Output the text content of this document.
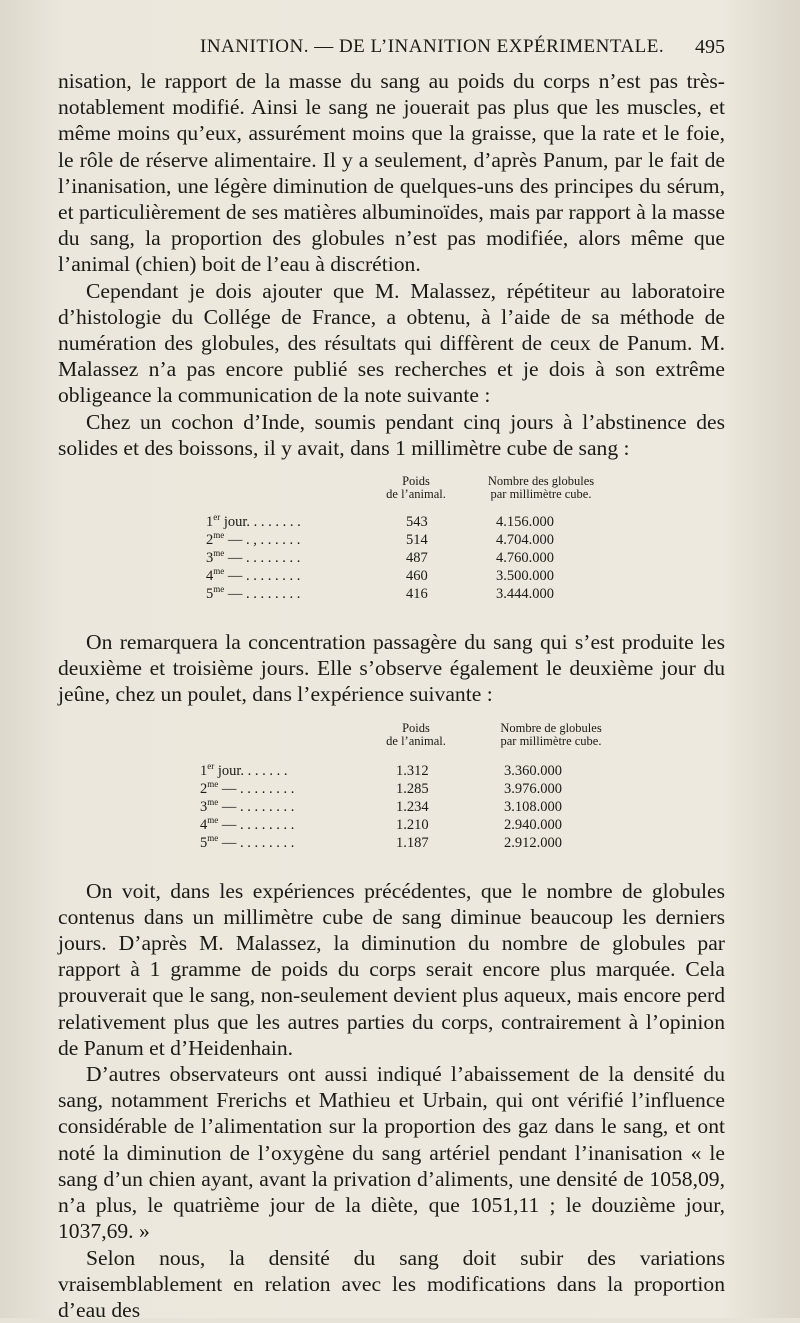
INANITION. — DE L’INANITION EXPÉRIMENTALE. 495

nisation, le rapport de la masse du sang au poids du corps n’est pas très-notablement modifié. Ainsi le sang ne jouerait pas plus que les muscles, et même moins qu’eux, assurément moins que la graisse, que la rate et le foie, le rôle de réserve alimentaire. Il y a seulement, d’après Panum, par le fait de l’inanisation, une légère diminution de quelques-uns des principes du sérum, et particulièrement de ses matières albuminoïdes, mais par rapport à la masse du sang, la proportion des globules n’est pas modifiée, alors même que l’animal (chien) boit de l’eau à discrétion.

Cependant je dois ajouter que M. Malassez, répétiteur au laboratoire d’histologie du Collége de France, a obtenu, à l’aide de sa méthode de numération des globules, des résultats qui diffèrent de ceux de Panum. M. Malassez n’a pas encore publié ses recherches et je dois à son extrême obligeance la communication de la note suivante :

Chez un cochon d’Inde, soumis pendant cinq jours à l’abstinence des solides et des boissons, il y avait, dans 1 millimètre cube de sang :

Poids
de l’animal.
Nombre des globules
par millimètre cube.
1er jour. . . . . . . .	543	4.156.000
$2^{me}$ — . , . . . . . .	514	4.704.000
$3^{me}$ — . . . . . . . .	487	4.760.000
$4^{me}$ — . . . . . . . .	460	3.500.000
$5^{me}$ — . . . . . . . .	416	3.444.000

On remarquera la concentration passagère du sang qui s’est produite les deuxième et troisième jours. Elle s’observe également le deuxième jour du jeûne, chez un poulet, dans l’expérience suivante :

Poids
de l’animal.
Nombre de globules
par millimètre cube.
1er jour. . . . . . .	1.312	3.360.000
$2^{me}$ — . . . . . . . .	1.285	3.976.000
$3^{me}$ — . . . . . . . .	1.234	3.108.000
$4^{me}$ — . . . . . . . .	1.210	2.940.000
$5^{me}$ — . . . . . . . .	1.187	2.912.000

On voit, dans les expériences précédentes, que le nombre de globules contenus dans un millimètre cube de sang diminue beaucoup les derniers jours. D’après M. Malassez, la diminution du nombre de globules par rapport à 1 gramme de poids du corps serait encore plus marquée. Cela prouverait que le sang, non-seulement devient plus aqueux, mais encore perd relativement plus que les autres parties du corps, contrairement à l’opinion de Panum et d’Heidenhain.

D’autres observateurs ont aussi indiqué l’abaissement de la densité du sang, notamment Frerichs et Mathieu et Urbain, qui ont vérifié l’influence considérable de l’alimentation sur la proportion des gaz dans le sang, et ont noté la diminution de l’oxygène du sang artériel pendant l’inanisation « le sang d’un chien ayant, avant la privation d’aliments, une densité de 1058,09, n’a plus, le quatrième jour de la diète, que 1051,11 ; le douzième jour, 1037,69. »

Selon nous, la densité du sang doit subir des variations vraisemblablement en relation avec les modifications dans la proportion d’eau des
